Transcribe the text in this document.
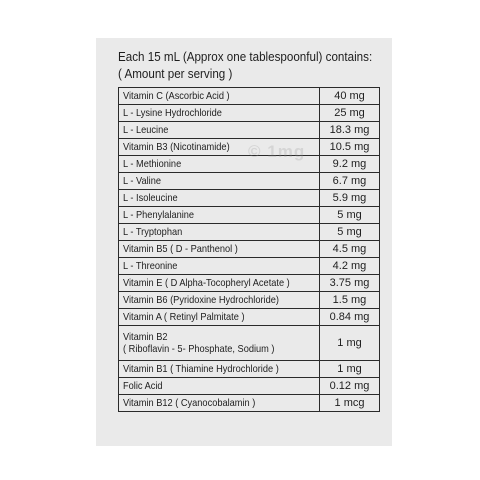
Each 15 mL (Approx one tablespoonful) contains:
( Amount per serving )
Vitamin C (Ascorbic Acid )	40 mg
L - Lysine Hydrochloride	25 mg
L - Leucine	18.3 mg
Vitamin B3 (Nicotinamide)	10.5 mg
L - Methionine	9.2 mg
L - Valine	6.7 mg
L - Isoleucine	5.9 mg
L - Phenylalanine	5 mg
L - Tryptophan	5 mg
Vitamin B5 ( D - Panthenol )	4.5 mg
L - Threonine	4.2 mg
Vitamin E ( D Alpha-Tocopheryl Acetate )	3.75 mg
Vitamin B6 (Pyridoxine Hydrochloride)	1.5 mg
Vitamin A ( Retinyl Palmitate )	0.84 mg
Vitamin B2
( Riboflavin - 5- Phosphate, Sodium )	1 mg
Vitamin B1 ( Thiamine Hydrochloride )	1 mg
Folic Acid	0.12 mg
Vitamin B12 ( Cyanocobalamin )	1 mcg
© 1mg
